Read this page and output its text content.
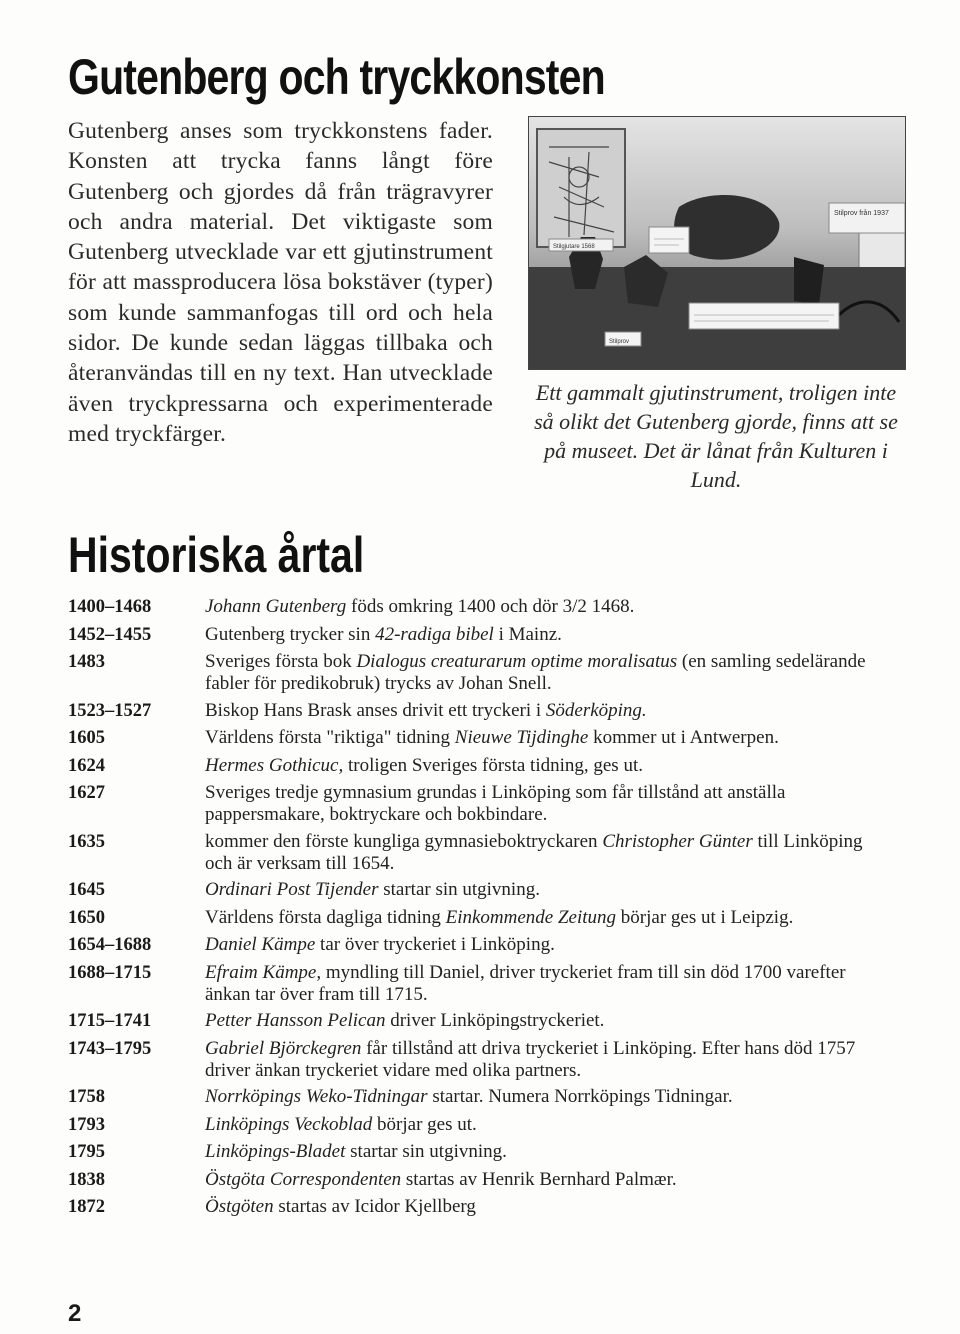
Gutenberg och tryckkonsten
Gutenberg anses som tryckkonstens fader. Konsten att trycka fanns långt före Gutenberg och gjordes då från trägravyrer och andra material. Det viktigaste som Gutenberg utvecklade var ett gjutinstrument för att massproducera lösa bokstäver (typer) som kunde sammanfogas till ord och hela sidor. De kunde sedan läggas tillbaka och återanvändas till en ny text. Han utvecklade även tryckpressarna och experimenterade med tryckfärger.
Stilprov från 1937
Stilgjutare 1568
Stilprov
Ett gammalt gjutinstrument, troligen inte så olikt det Gutenberg gjorde, finns att se på museet. Det är lånat från Kulturen i Lund.
Historiska årtal
1400–1468	Johann Gutenberg föds omkring 1400 och dör 3/2 1468.
1452–1455	Gutenberg trycker sin 42-radiga bibel i Mainz.
1483	Sveriges första bok Dialogus creaturarum optime moralisatus (en samling sedelärande fabler för predikobruk) trycks av Johan Snell.
1523–1527	Biskop Hans Brask anses drivit ett tryckeri i Söderköping.
1605	Världens första "riktiga" tidning Nieuwe Tijdinghe kommer ut i Antwerpen.
1624	Hermes Gothicuc, troligen Sveriges första tidning, ges ut.
1627	Sveriges tredje gymnasium grundas i Linköping som får tillstånd att anställa pappersmakare, boktryckare och bokbindare.
1635	kommer den förste kungliga gymnasieboktryckaren Christopher Günter till Linköping och är verksam till 1654.
1645	Ordinari Post Tijender startar sin utgivning.
1650	Världens första dagliga tidning Einkommende Zeitung börjar ges ut i Leipzig.
1654–1688	Daniel Kämpe tar över tryckeriet i Linköping.
1688–1715	Efraim Kämpe, myndling till Daniel, driver tryckeriet fram till sin död 1700 varefter änkan tar över fram till 1715.
1715–1741	Petter Hansson Pelican driver Linköpingstryckeriet.
1743–1795	Gabriel Björckegren får tillstånd att driva tryckeriet i Linköping. Efter hans död 1757 driver änkan tryckeriet vidare med olika partners.
1758	Norrköpings Weko-Tidningar startar. Numera Norrköpings Tidningar.
1793	Linköpings Veckoblad börjar ges ut.
1795	Linköpings-Bladet startar sin utgivning.
1838	Östgöta Correspondenten startas av Henrik Bernhard Palmær.
1872	Östgöten startas av Icidor Kjellberg
2
